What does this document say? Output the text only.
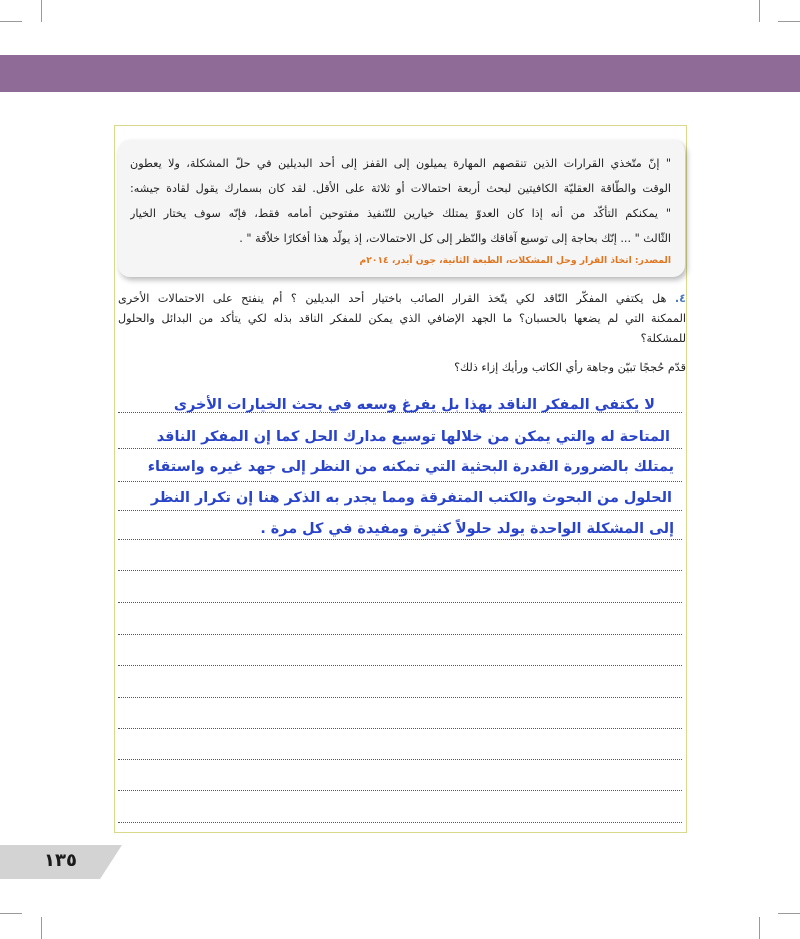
" إنّ متّخذي القرارات الذين تنقصهم المهارة يميلون إلى القفز إلى أحد البديلين في حلّ المشكلة، ولا يعطون
الوقت والطّاقة العقليّة الكافيتين لبحث أربعة احتمالات أو ثلاثة على الأقل. لقد كان بسمارك يقول لقادة جيشه:
" يمكنكم التأكّد من أنه إذا كان العدوّ يمتلك خيارين للتّنفيذ مفتوحين أمامه فقط، فإنّه سوف يختار الخيار
الثّالث " ... إنّك بحاجة إلى توسيع آفاقك والنّظر إلى كل الاحتمالات، إذ يولّد هذا أفكارًا خلاّقة " .
المصدر: اتخاذ القرار وحل المشكلات، الطبعة الثانية، جون آيدر، ٢٠١٤م
٤. هل يكتفي المفكّر النّاقد لكي يتّخذ القرار الصائب باختيار أحد البديلين ؟ أم ينفتح على الاحتمالات الأخرى
الممكنة التي لم يضعها بالحسبان؟ ما الجهد الإضافي الذي يمكن للمفكر الناقد بذله لكي يتأكد من البدائل والحلول
للمشكلة؟
قدّم حُججًا تبيّن وجاهة رأي الكاتب ورأيك إزاء ذلك؟
لا يكتفي المفكر الناقد بهذا بل يفرغ وسعه في بحث الخيارات الأخرى
المتاحة له والتي يمكن من خلالها توسيع مدارك الحل كما إن المفكر الناقد
يمتلك بالضرورة القدرة البحثية التي تمكنه من النظر إلى جهد غيره واستقاء
الحلول من البحوث والكتب المتفرقة ومما يجدر به الذكر هنا إن تكرار النظر
إلى المشكلة الواحدة يولد حلولاً كثيرة ومفيدة في كل مرة .
١٣٥
